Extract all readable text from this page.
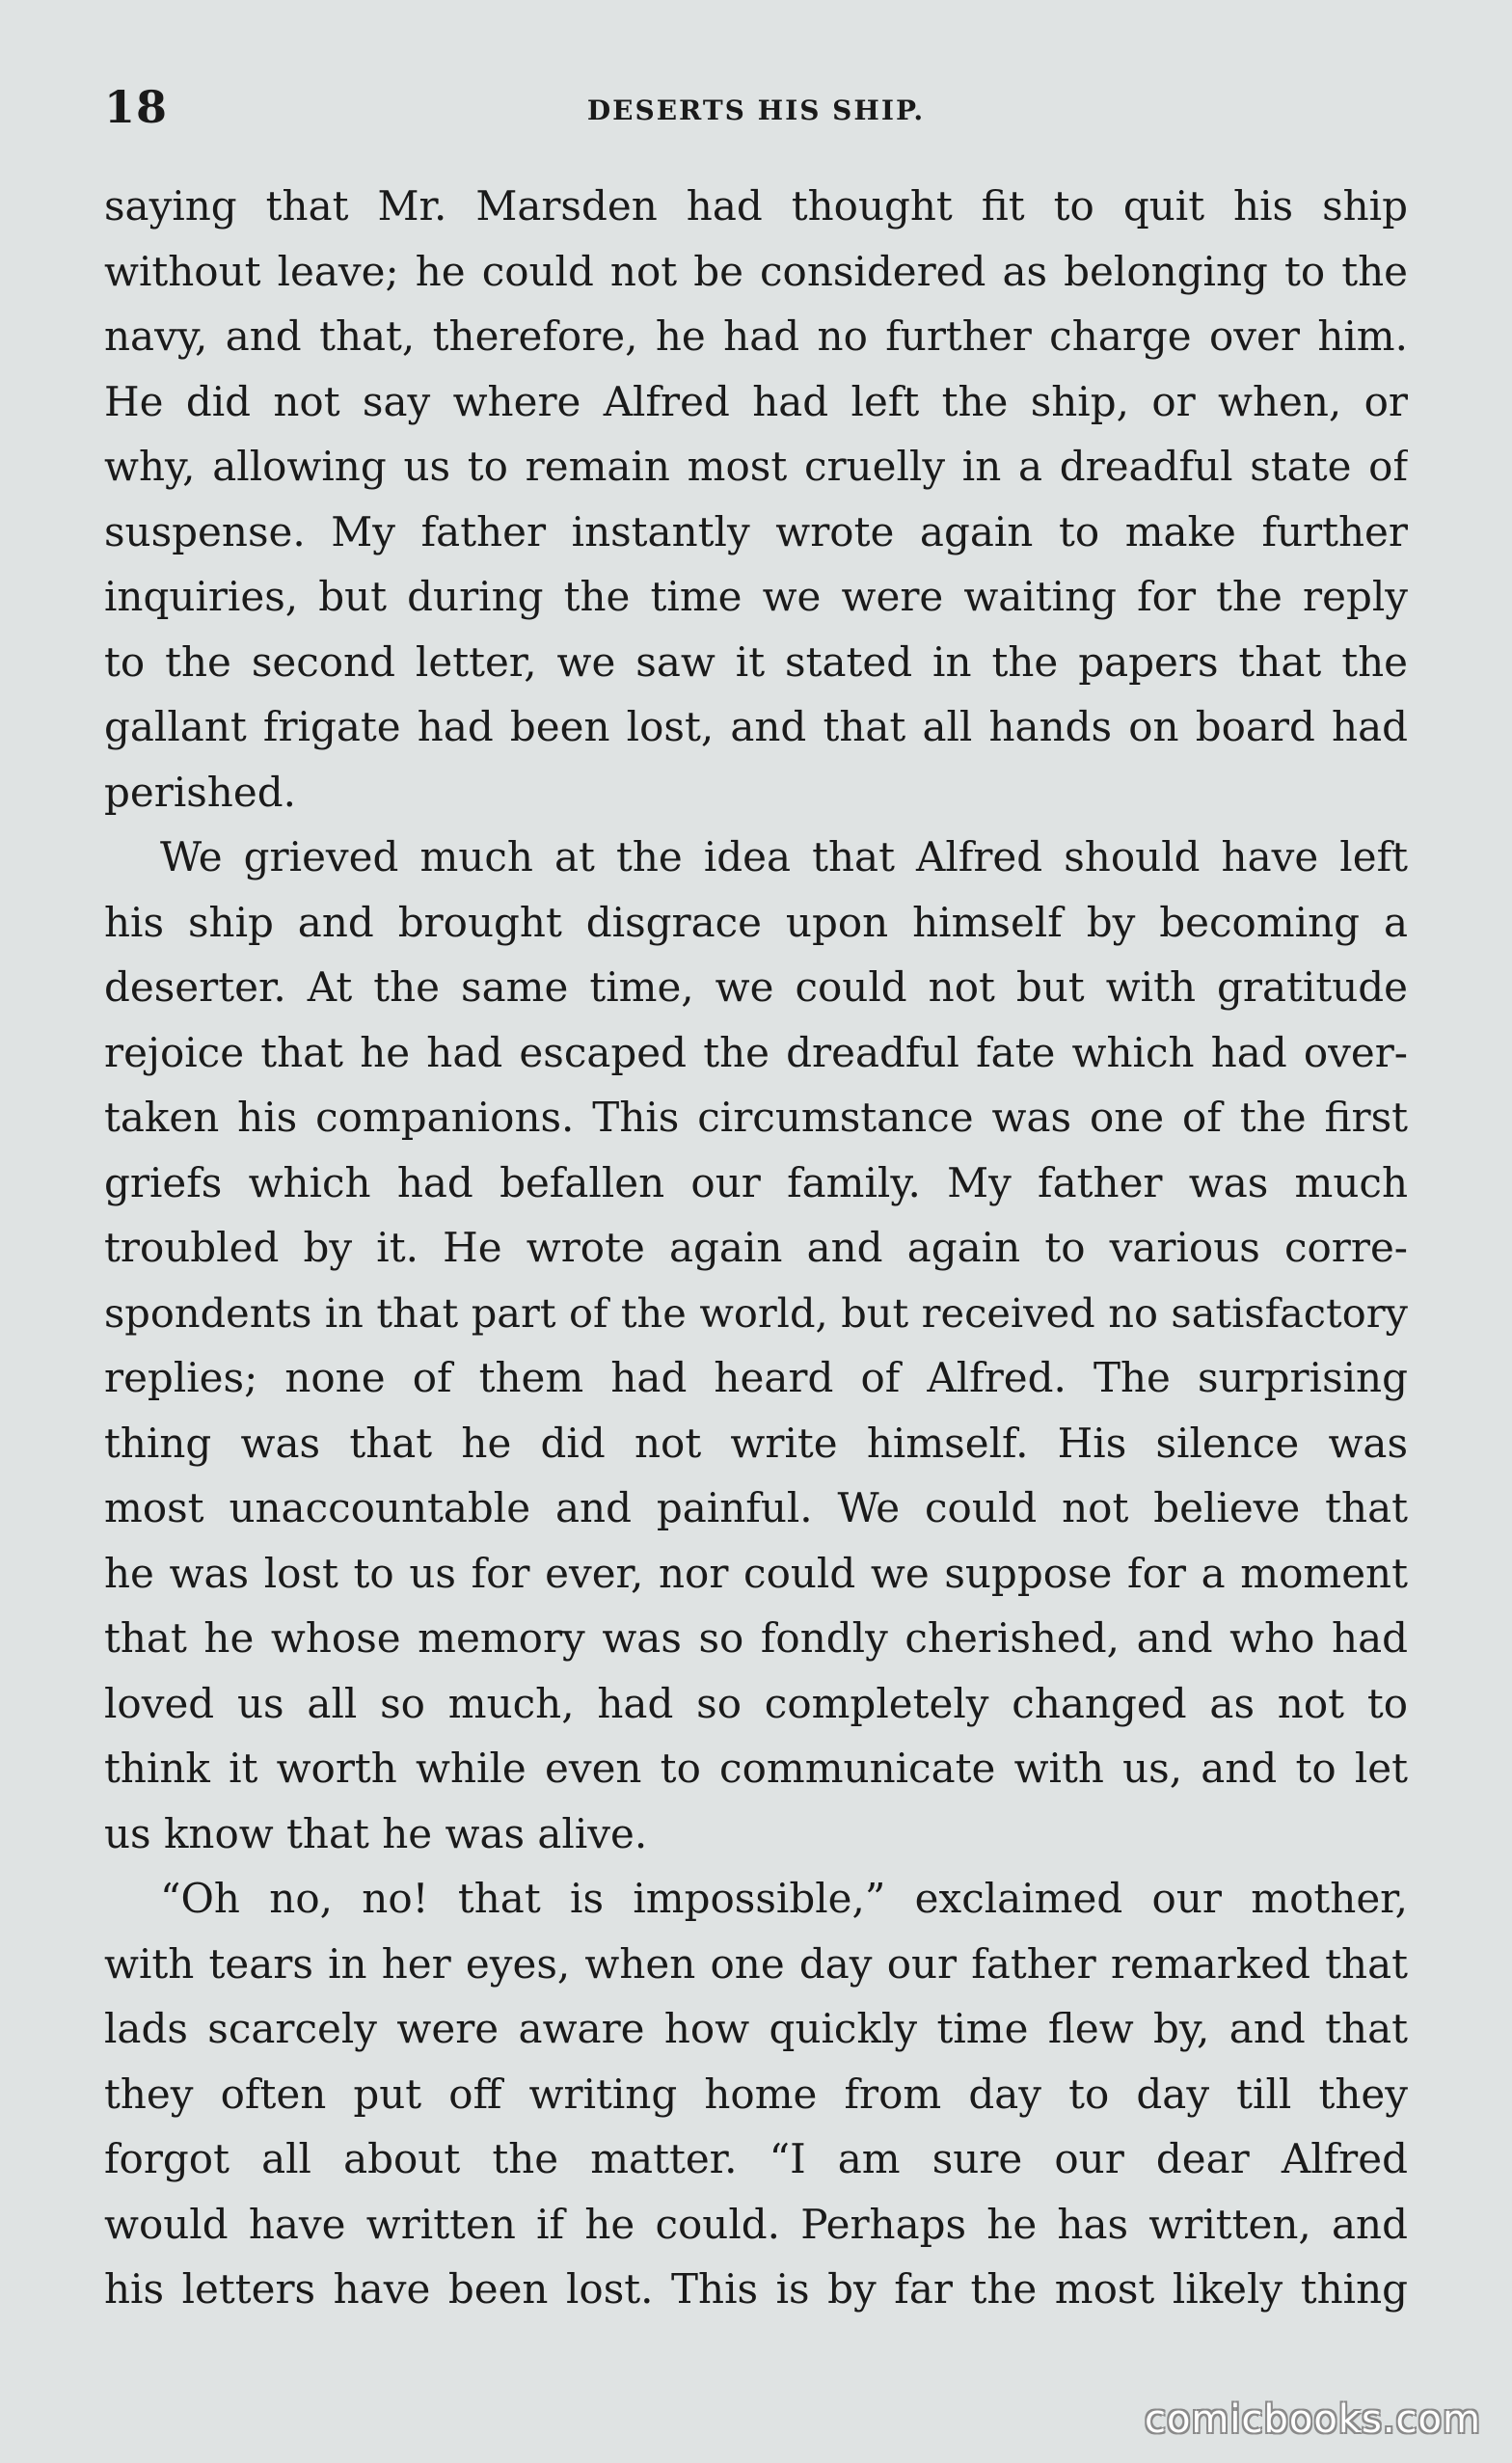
18	DESERTS HIS SHIP.
saying that Mr. Marsden had thought fit to quit his ship
without leave; he could not be considered as belonging to the
navy, and that, therefore, he had no further charge over him.
He did not say where Alfred had left the ship, or when, or
why, allowing us to remain most cruelly in a dreadful state of
suspense. My father instantly wrote again to make further
inquiries, but during the time we were waiting for the reply
to the second letter, we saw it stated in the papers that the
gallant frigate had been lost, and that all hands on board had
perished.
We grieved much at the idea that Alfred should have left
his ship and brought disgrace upon himself by becoming a
deserter. At the same time, we could not but with gratitude
rejoice that he had escaped the dreadful fate which had over-
taken his companions. This circumstance was one of the first
griefs which had befallen our family. My father was much
troubled by it. He wrote again and again to various corre-
spondents in that part of the world, but received no satisfactory
replies; none of them had heard of Alfred. The surprising
thing was that he did not write himself. His silence was
most unaccountable and painful. We could not believe that
he was lost to us for ever, nor could we suppose for a moment
that he whose memory was so fondly cherished, and who had
loved us all so much, had so completely changed as not to
think it worth while even to communicate with us, and to let
us know that he was alive.
“Oh no, no! that is impossible,” exclaimed our mother,
with tears in her eyes, when one day our father remarked that
lads scarcely were aware how quickly time flew by, and that
they often put off writing home from day to day till they
forgot all about the matter. “I am sure our dear Alfred
would have written if he could. Perhaps he has written, and
his letters have been lost. This is by far the most likely thing
comicbooks.com
